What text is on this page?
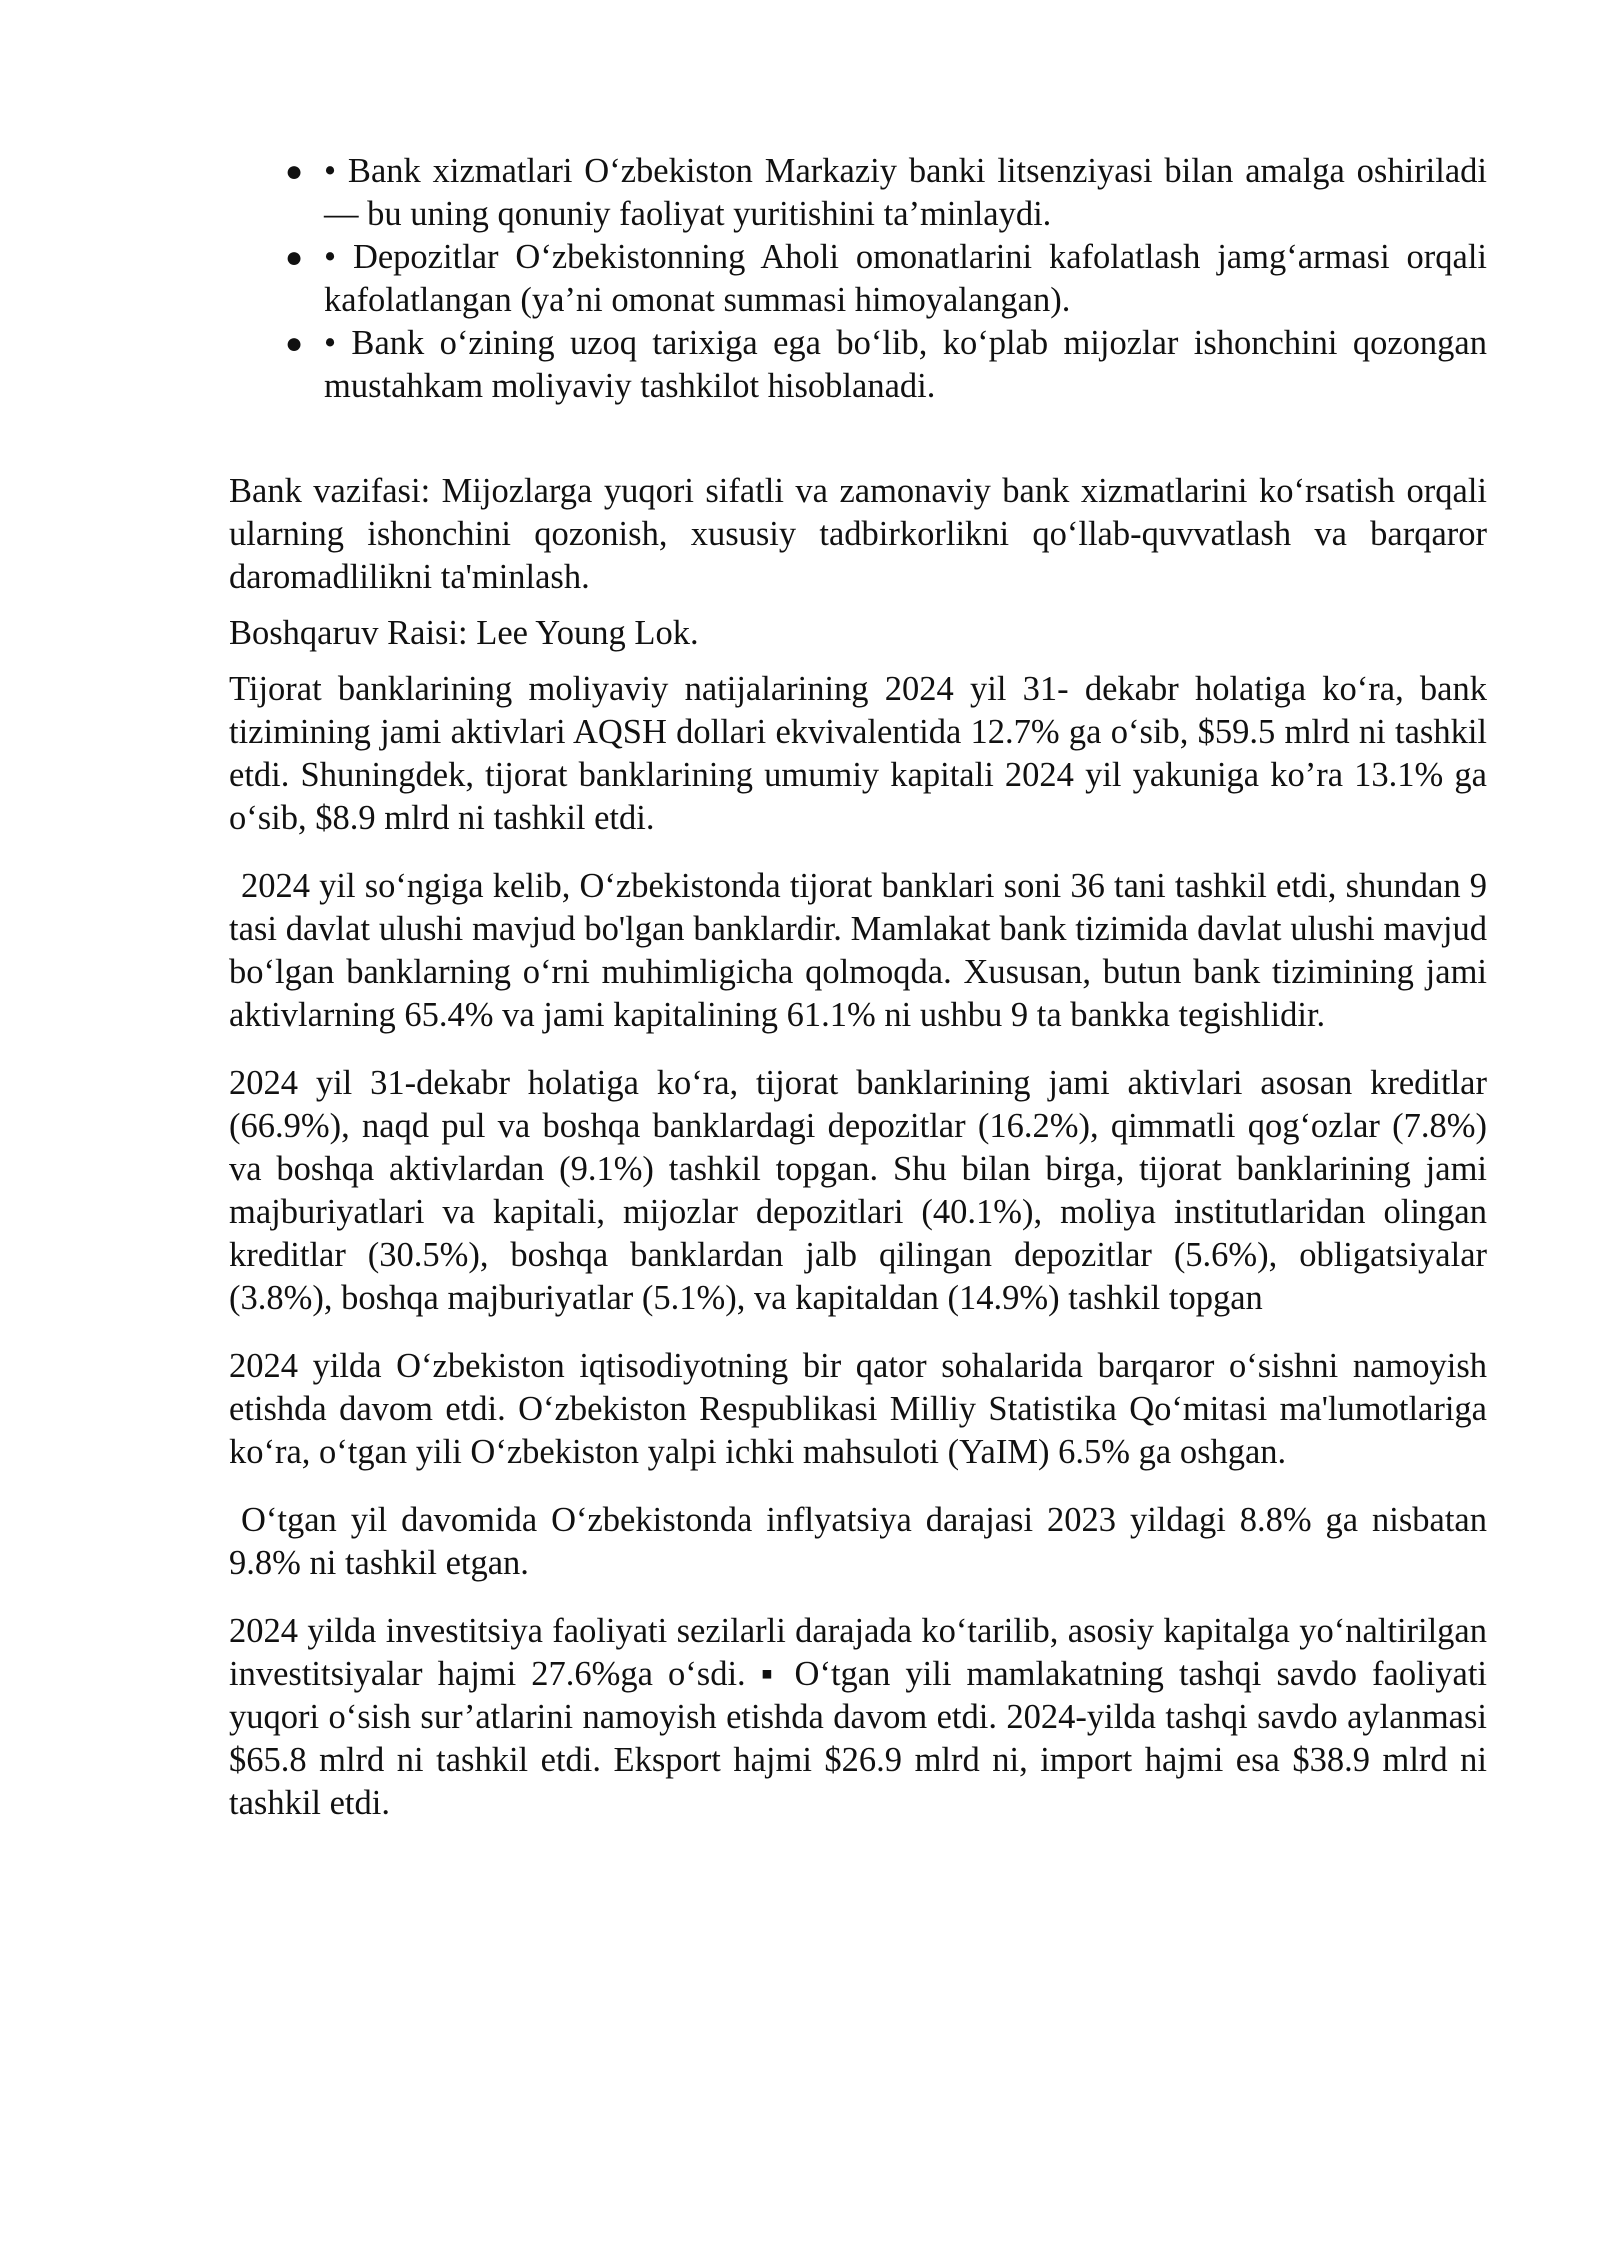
● • Bank xizmatlari O‘zbekiston Markaziy banki litsenziyasi bilan amalga oshiriladi — bu uning qonuniy faoliyat yuritishini ta’minlaydi.
● • Depozitlar O‘zbekistonning Aholi omonatlarini kafolatlash jamg‘armasi orqali kafolatlangan (ya’ni omonat summasi himoyalangan).
● • Bank o‘zining uzoq tarixiga ega bo‘lib, ko‘plab mijozlar ishonchini qozongan mustahkam moliyaviy tashkilot hisoblanadi.

Bank vazifasi: Mijozlarga yuqori sifatli va zamonaviy bank xizmatlarini ko‘rsatish orqali ularning ishonchini qozonish, xususiy tadbirkorlikni qo‘llab-quvvatlash va barqaror daromadlilikni ta'minlash.

Boshqaruv Raisi: Lee Young Lok.

Tijorat banklarining moliyaviy natijalarining 2024 yil 31- dekabr holatiga ko‘ra, bank tizimining jami aktivlari AQSH dollari ekvivalentida 12.7% ga o‘sib, $59.5 mlrd ni tashkil etdi. Shuningdek, tijorat banklarining umumiy kapitali 2024 yil yakuniga ko’ra 13.1% ga o‘sib, $8.9 mlrd ni tashkil etdi.

2024 yil so‘ngiga kelib, O‘zbekistonda tijorat banklari soni 36 tani tashkil etdi, shundan 9 tasi davlat ulushi mavjud bo'lgan banklardir. Mamlakat bank tizimida davlat ulushi mavjud bo‘lgan banklarning o‘rni muhimligicha qolmoqda. Xususan, butun bank tizimining jami aktivlarning 65.4% va jami kapitalining 61.1% ni ushbu 9 ta bankka tegishlidir.

2024 yil 31-dekabr holatiga ko‘ra, tijorat banklarining jami aktivlari asosan kreditlar (66.9%), naqd pul va boshqa banklardagi depozitlar (16.2%), qimmatli qog‘ozlar (7.8%) va boshqa aktivlardan (9.1%) tashkil topgan. Shu bilan birga, tijorat banklarining jami majburiyatlari va kapitali, mijozlar depozitlari (40.1%), moliya institutlaridan olingan kreditlar (30.5%), boshqa banklardan jalb qilingan depozitlar (5.6%), obligatsiyalar (3.8%), boshqa majburiyatlar (5.1%), va kapitaldan (14.9%) tashkil topgan

2024 yilda O‘zbekiston iqtisodiyotning bir qator sohalarida barqaror o‘sishni namoyish etishda davom etdi. O‘zbekiston Respublikasi Milliy Statistika Qo‘mitasi ma'lumotlariga ko‘ra, o‘tgan yili O‘zbekiston yalpi ichki mahsuloti (YaIM) 6.5% ga oshgan.

O‘tgan yil davomida O‘zbekistonda inflyatsiya darajasi 2023 yildagi 8.8% ga nisbatan 9.8% ni tashkil etgan.

2024 yilda investitsiya faoliyati sezilarli darajada ko‘tarilib, asosiy kapitalga yo‘naltirilgan investitsiyalar hajmi 27.6%ga o‘sdi. ▪ O‘tgan yili mamlakatning tashqi savdo faoliyati yuqori o‘sish sur’atlarini namoyish etishda davom etdi. 2024-yilda tashqi savdo aylanmasi $65.8 mlrd ni tashkil etdi. Eksport hajmi $26.9 mlrd ni, import hajmi esa $38.9 mlrd ni tashkil etdi.
